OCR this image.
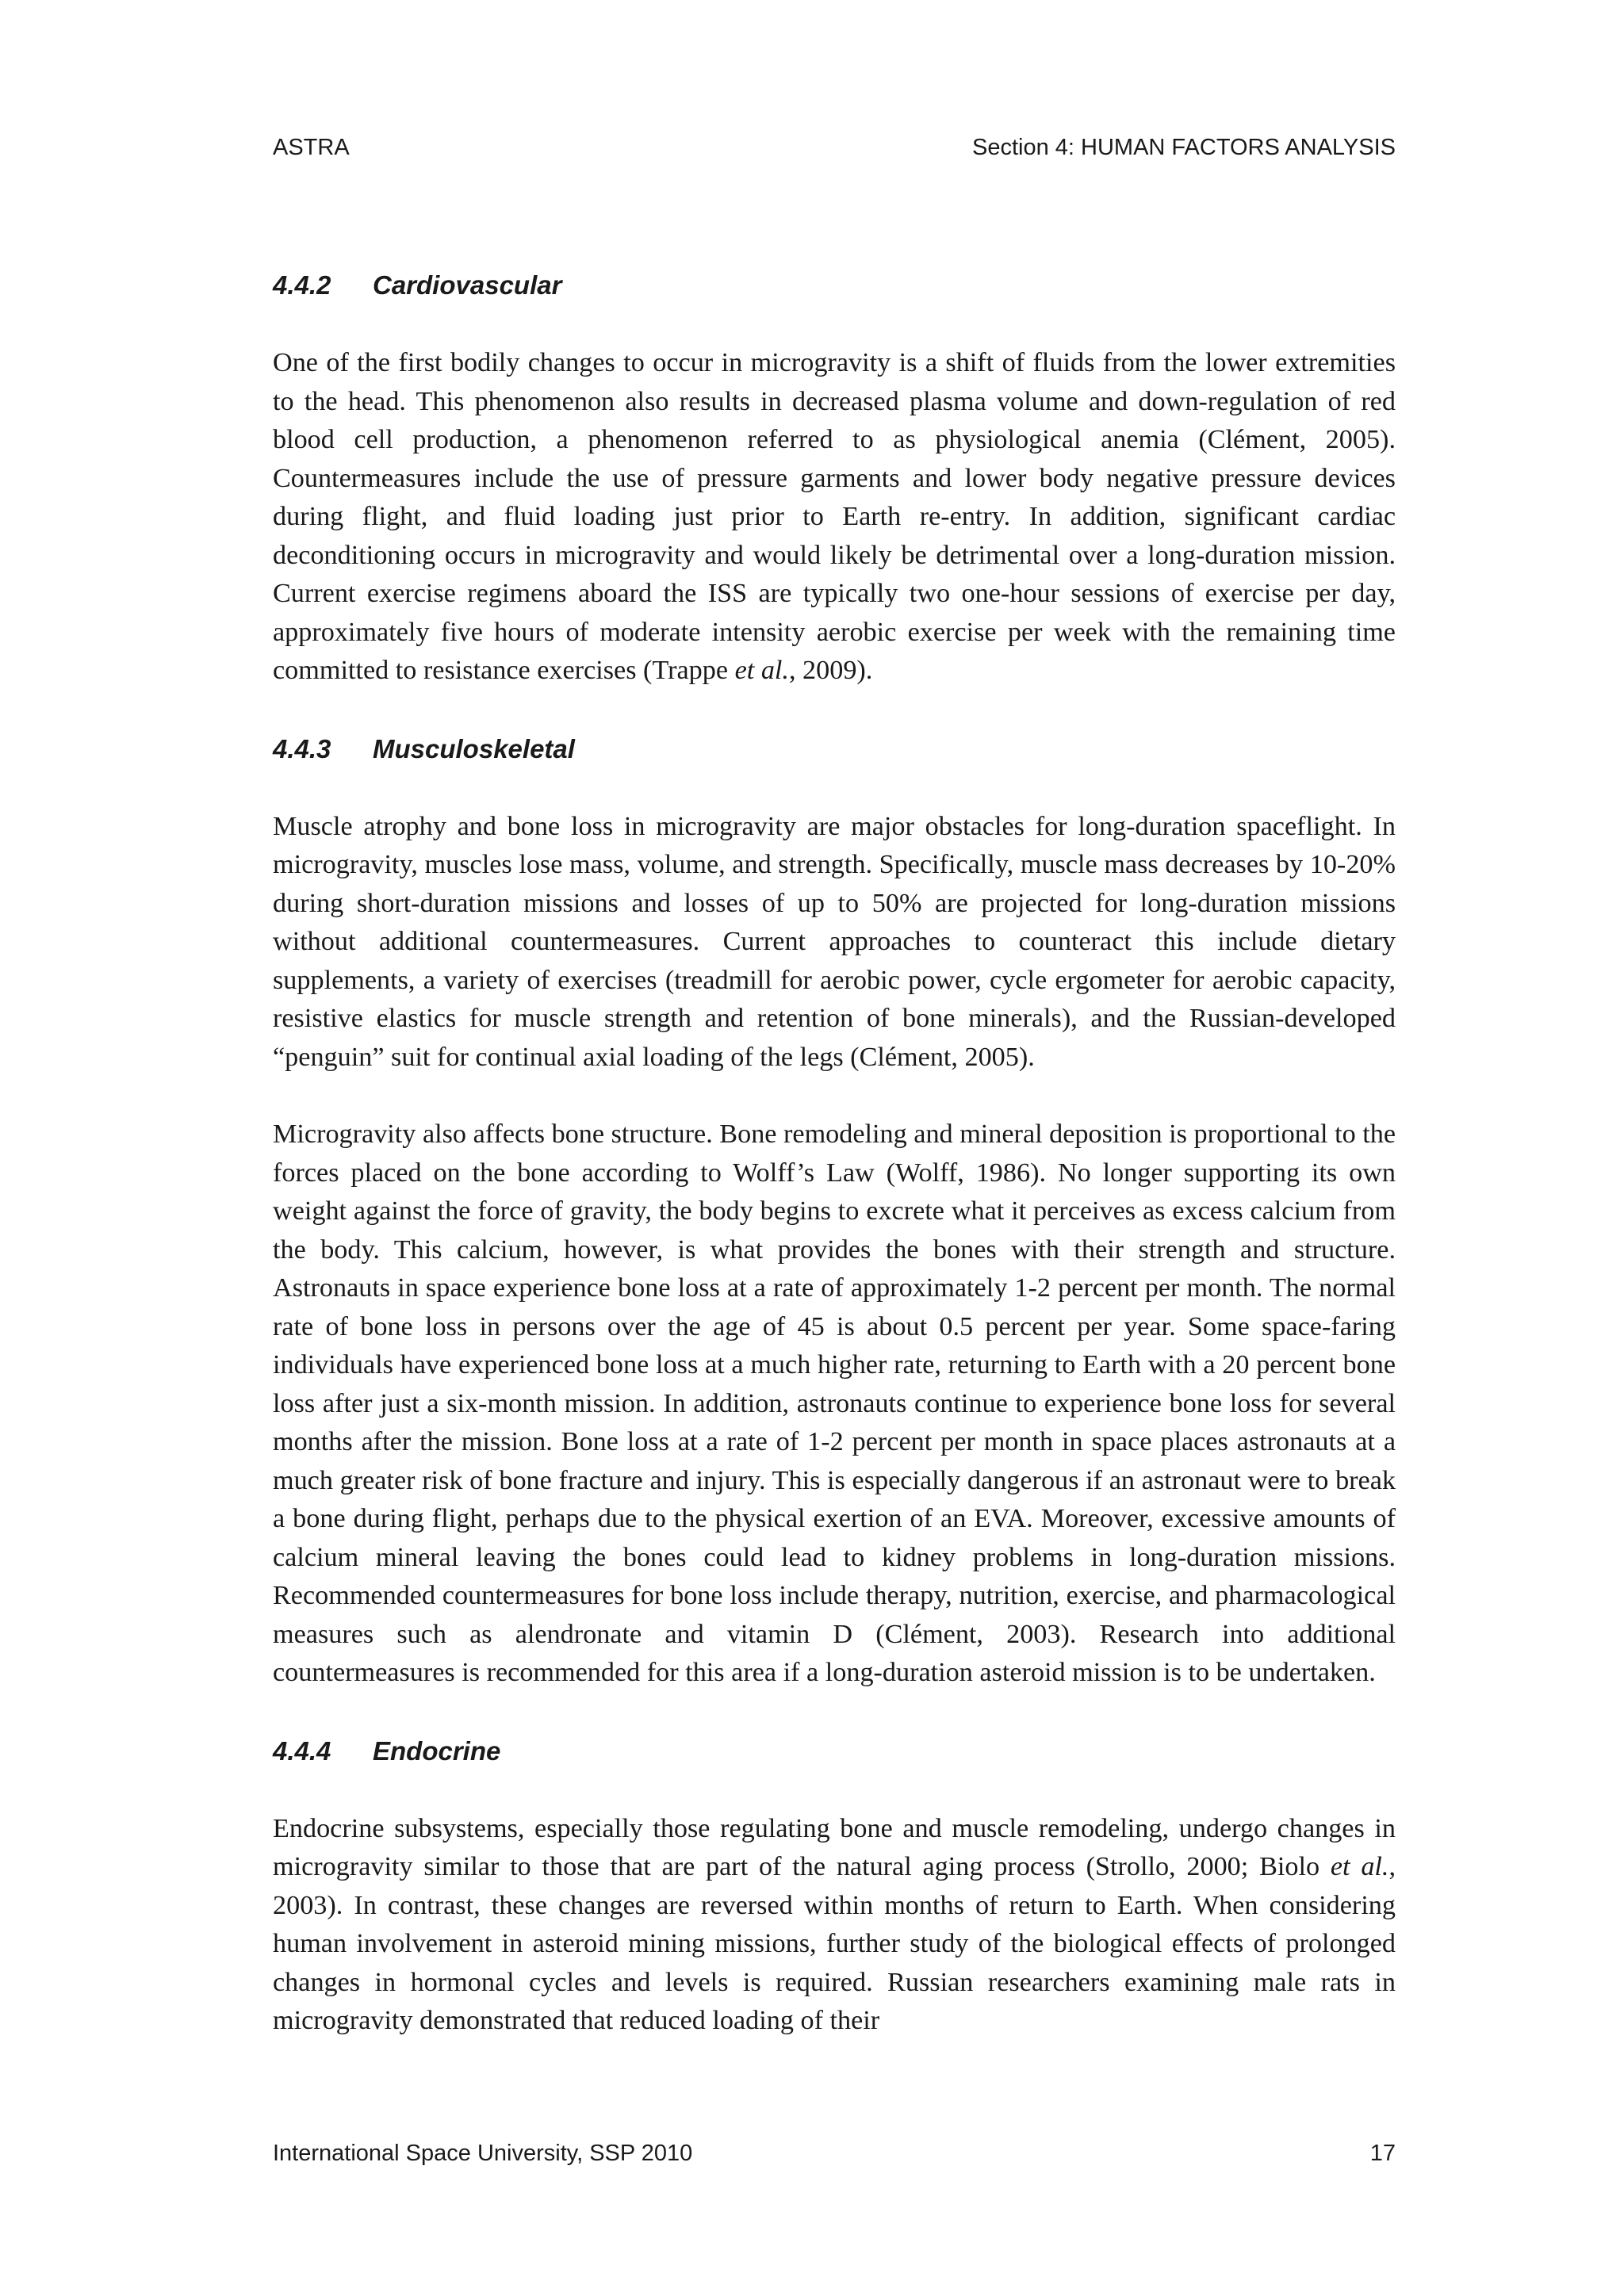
ASTRA	Section 4: HUMAN FACTORS ANALYSIS
4.4.2	Cardiovascular

One of the first bodily changes to occur in microgravity is a shift of fluids from the lower extremities to the head. This phenomenon also results in decreased plasma volume and down-regulation of red blood cell production, a phenomenon referred to as physiological anemia (Clément, 2005). Countermeasures include the use of pressure garments and lower body negative pressure devices during flight, and fluid loading just prior to Earth re-entry. In addition, significant cardiac deconditioning occurs in microgravity and would likely be detrimental over a long-duration mission. Current exercise regimens aboard the ISS are typically two one-hour sessions of exercise per day, approximately five hours of moderate intensity aerobic exercise per week with the remaining time committed to resistance exercises (Trappe et al., 2009).

4.4.3	Musculoskeletal

Muscle atrophy and bone loss in microgravity are major obstacles for long-duration spaceflight. In microgravity, muscles lose mass, volume, and strength. Specifically, muscle mass decreases by 10-20% during short-duration missions and losses of up to 50% are projected for long-duration missions without additional countermeasures. Current approaches to counteract this include dietary supplements, a variety of exercises (treadmill for aerobic power, cycle ergometer for aerobic capacity, resistive elastics for muscle strength and retention of bone minerals), and the Russian-developed “penguin” suit for continual axial loading of the legs (Clément, 2005).

Microgravity also affects bone structure. Bone remodeling and mineral deposition is proportional to the forces placed on the bone according to Wolff’s Law (Wolff, 1986). No longer supporting its own weight against the force of gravity, the body begins to excrete what it perceives as excess calcium from the body. This calcium, however, is what provides the bones with their strength and structure. Astronauts in space experience bone loss at a rate of approximately 1-2 percent per month. The normal rate of bone loss in persons over the age of 45 is about 0.5 percent per year. Some space-faring individuals have experienced bone loss at a much higher rate, returning to Earth with a 20 percent bone loss after just a six-month mission. In addition, astronauts continue to experience bone loss for several months after the mission. Bone loss at a rate of 1-2 percent per month in space places astronauts at a much greater risk of bone fracture and injury. This is especially dangerous if an astronaut were to break a bone during flight, perhaps due to the physical exertion of an EVA. Moreover, excessive amounts of calcium mineral leaving the bones could lead to kidney problems in long-duration missions. Recommended countermeasures for bone loss include therapy, nutrition, exercise, and pharmacological measures such as alendronate and vitamin D (Clément, 2003). Research into additional countermeasures is recommended for this area if a long-duration asteroid mission is to be undertaken.

4.4.4	Endocrine

Endocrine subsystems, especially those regulating bone and muscle remodeling, undergo changes in microgravity similar to those that are part of the natural aging process (Strollo, 2000; Biolo et al., 2003). In contrast, these changes are reversed within months of return to Earth. When considering human involvement in asteroid mining missions, further study of the biological effects of prolonged changes in hormonal cycles and levels is required. Russian researchers examining male rats in microgravity demonstrated that reduced loading of their

International Space University, SSP 2010	17
